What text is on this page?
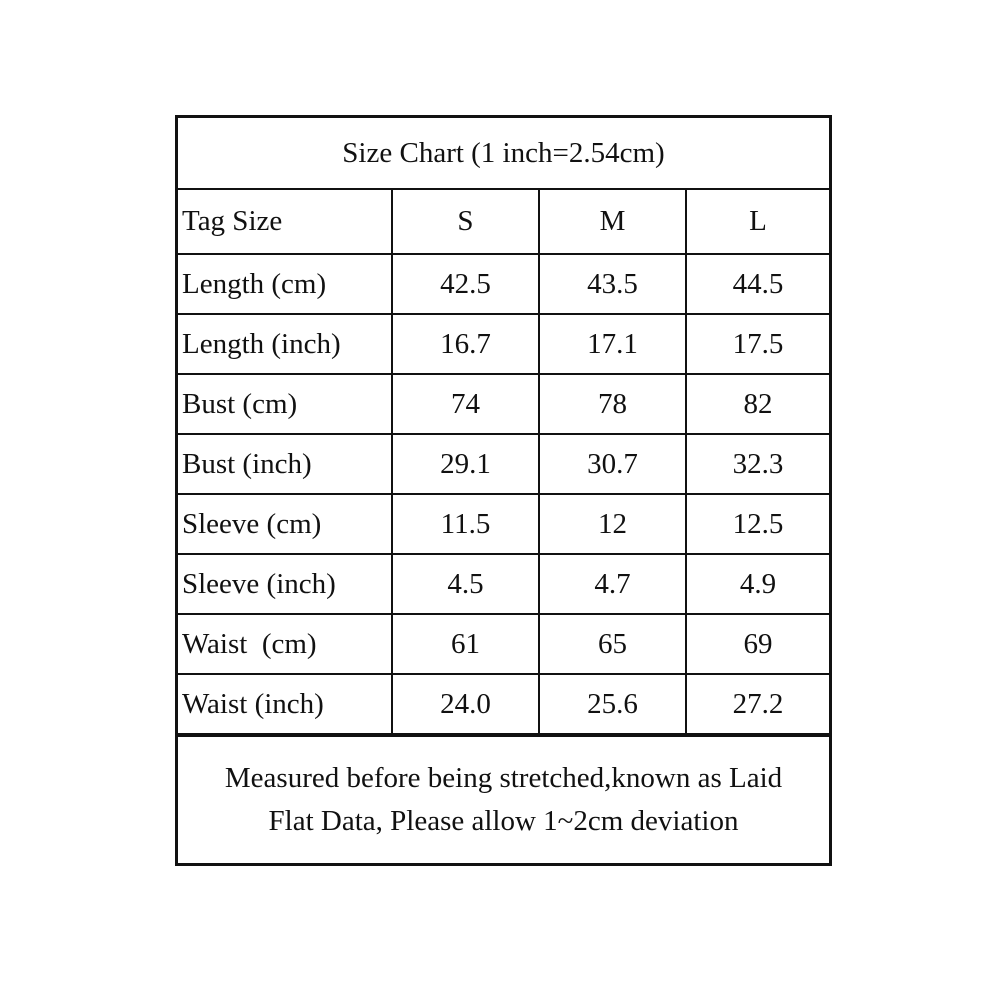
Size Chart (1 inch=2.54cm)
Tag Size	S	M	L
Length (cm)	42.5	43.5	44.5
Length (inch)	16.7	17.1	17.5
Bust (cm)	74	78	82
Bust (inch)	29.1	30.7	32.3
Sleeve (cm)	11.5	12	12.5
Sleeve (inch)	4.5	4.7	4.9
Waist  (cm)	61	65	69
Waist (inch)	24.0	25.6	27.2
Measured before being stretched,known as Laid
Flat Data, Please allow 1~2cm deviation
